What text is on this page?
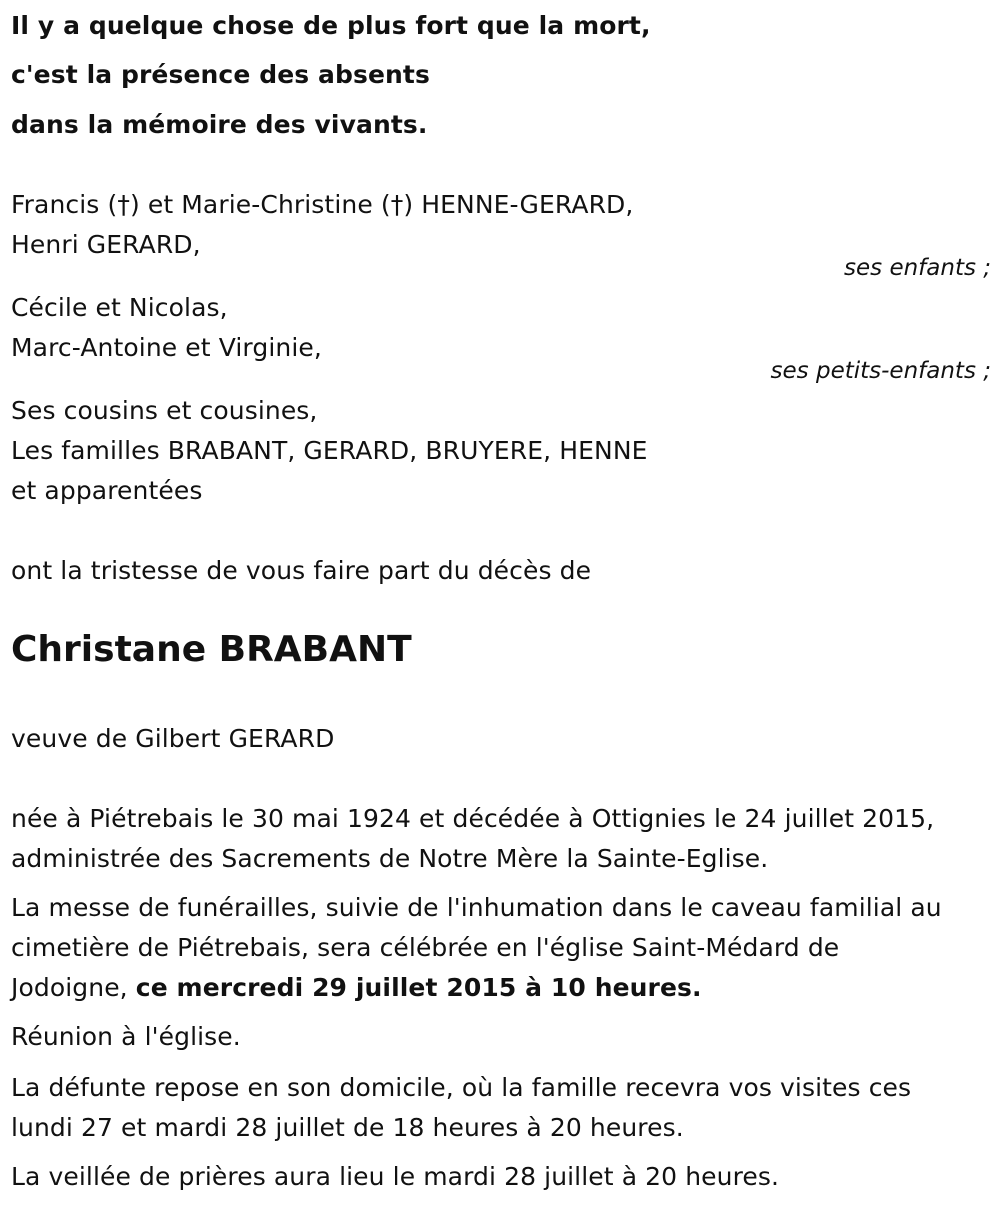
Il y a quelque chose de plus fort que la mort,
c'est la présence des absents
dans la mémoire des vivants.
Francis (†) et Marie-Christine (†) HENNE-GERARD,
Henri GERARD,
ses enfants ;
Cécile et Nicolas,
Marc-Antoine et Virginie,
ses petits-enfants ;
Ses cousins et cousines,
Les familles BRABANT, GERARD, BRUYERE, HENNE
et apparentées
ont la tristesse de vous faire part du décès de
Christane BRABANT
veuve de Gilbert GERARD
née à Piétrebais le 30 mai 1924 et décédée à Ottignies le 24 juillet 2015,
administrée des Sacrements de Notre Mère la Sainte-Eglise.
La messe de funérailles, suivie de l'inhumation dans le caveau familial au
cimetière de Piétrebais, sera célébrée en l'église Saint-Médard de
Jodoigne, ce mercredi 29 juillet 2015 à 10 heures.
Réunion à l'église.
La défunte repose en son domicile, où la famille recevra vos visites ces
lundi 27 et mardi 28 juillet de 18 heures à 20 heures.
La veillée de prières aura lieu le mardi 28 juillet à 20 heures.
